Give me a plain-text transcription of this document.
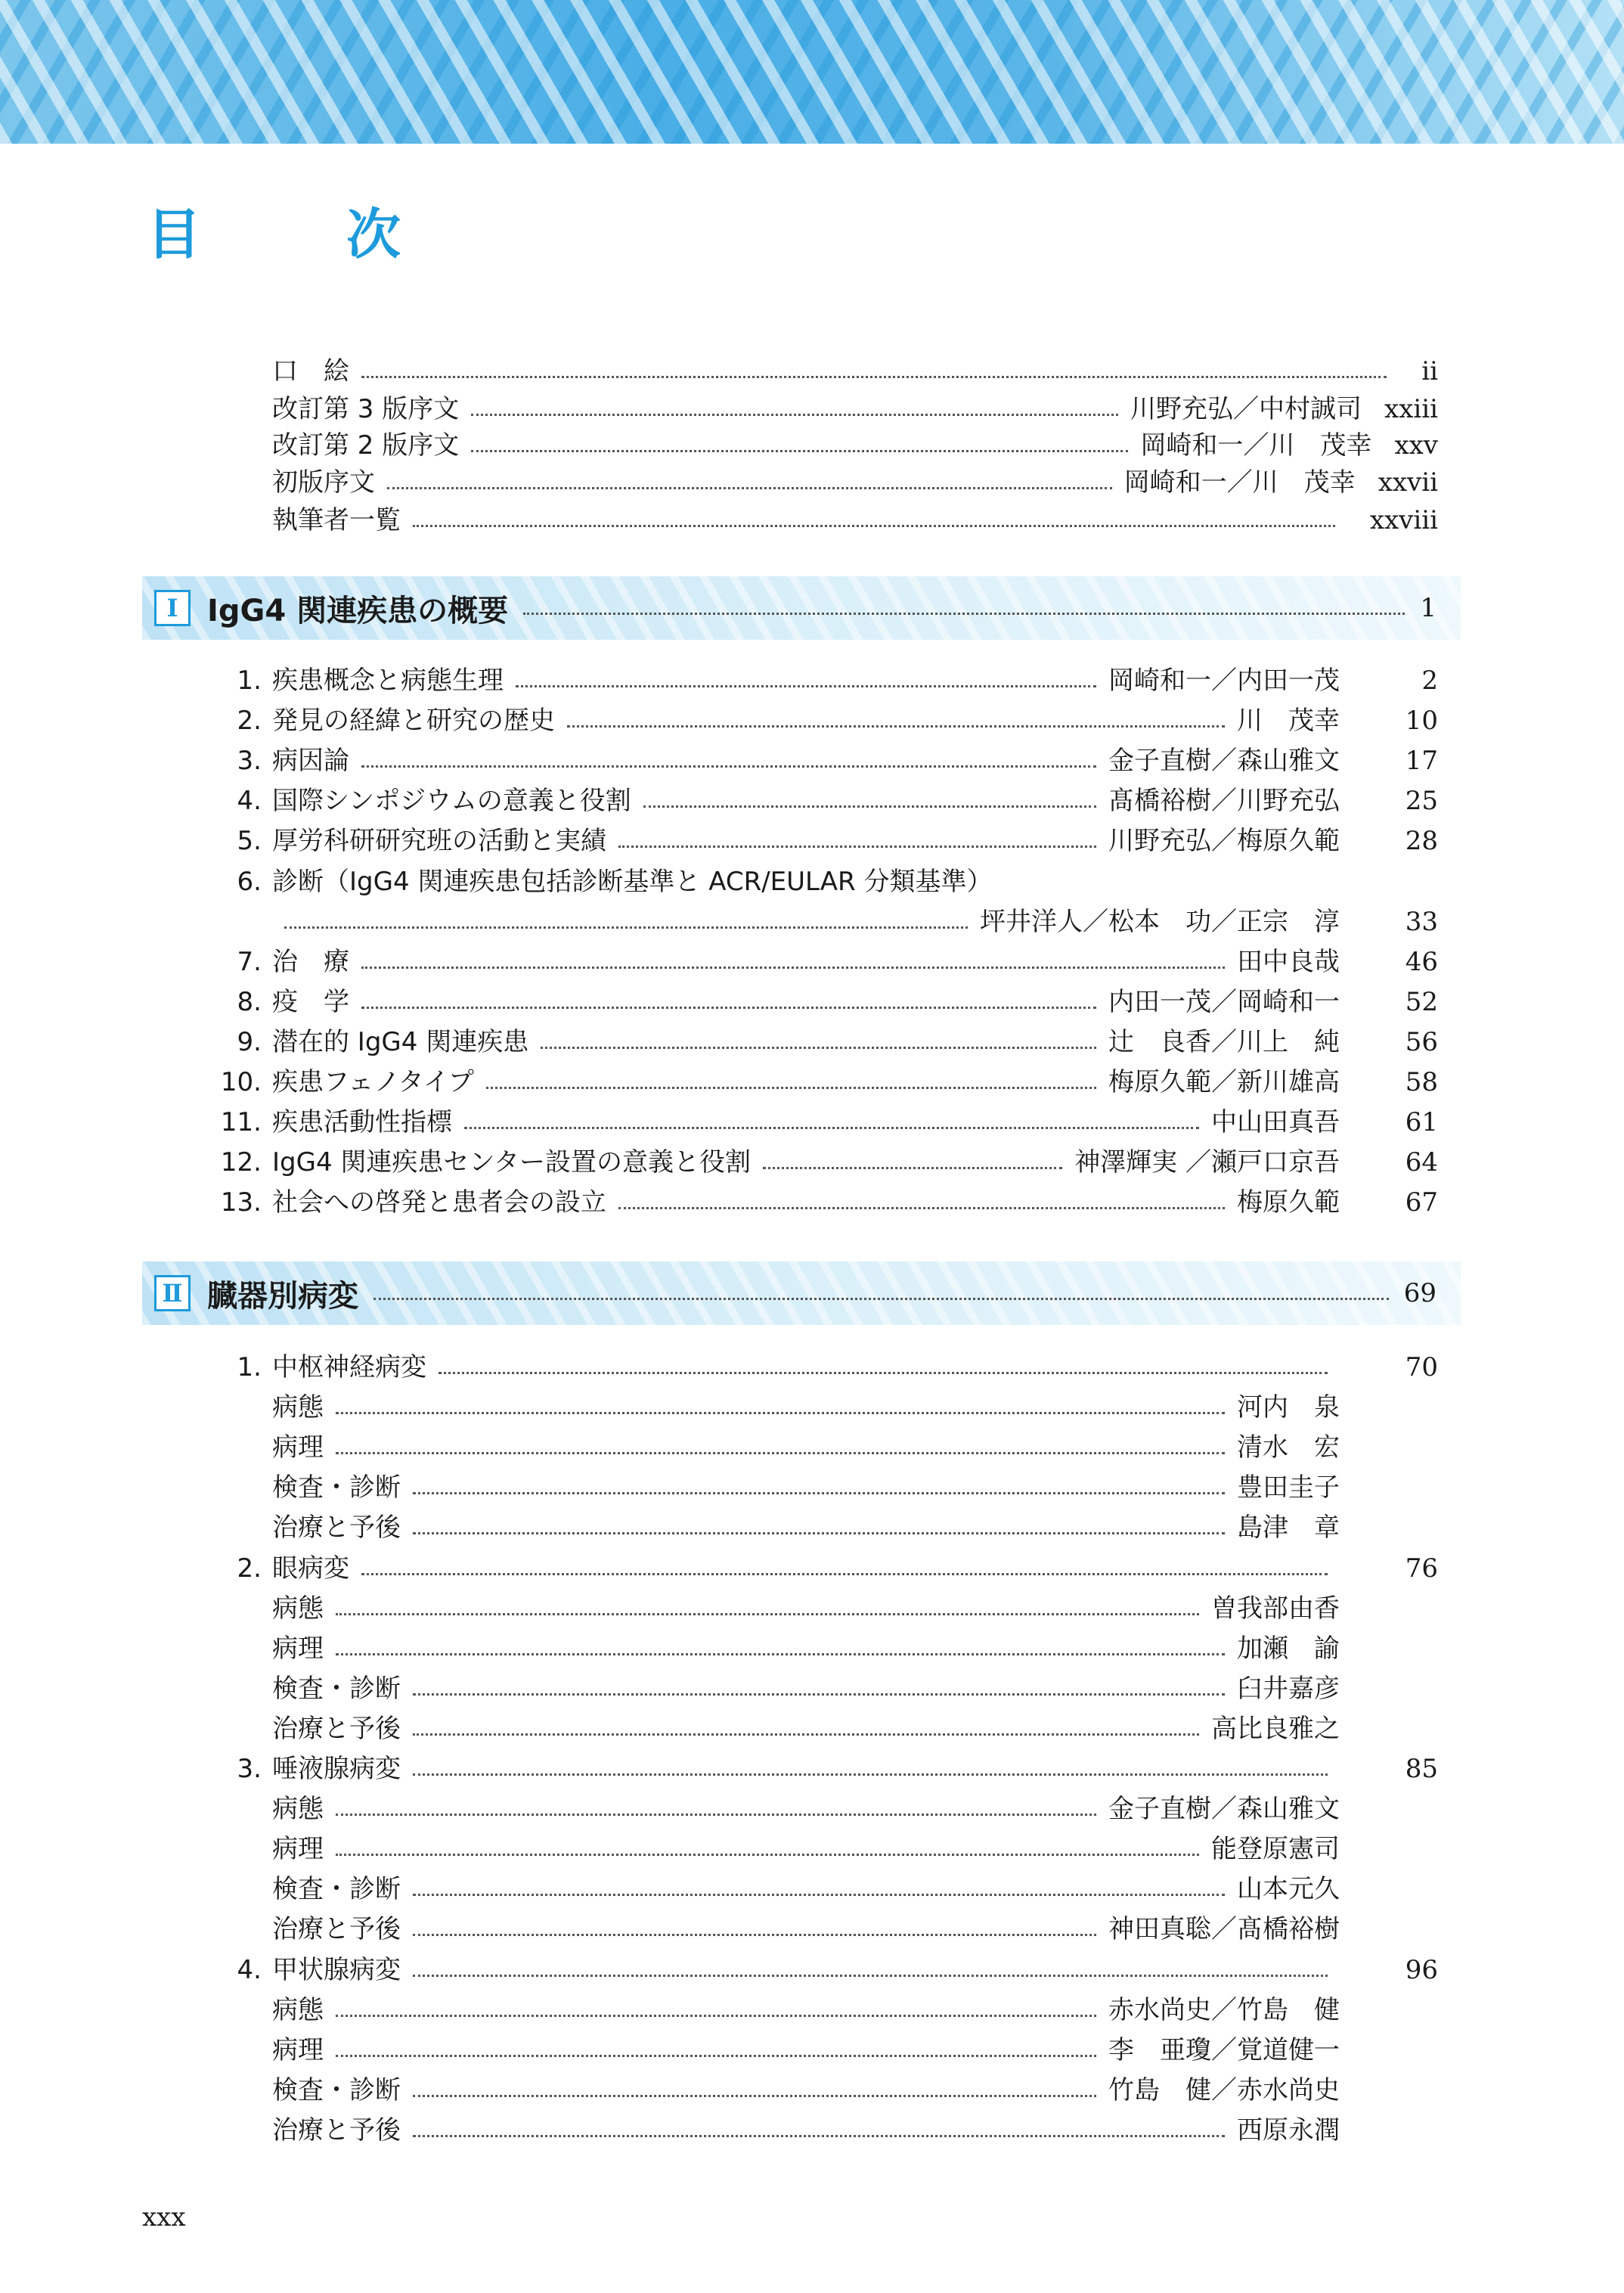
目　次
口　絵	ii
改訂第 3 版序文	川野充弘／中村誠司 xxiii
改訂第 2 版序文	岡崎和一／川　茂幸 xxv
初版序文	岡崎和一／川　茂幸 xxvii
執筆者一覧	xxviii
Ⅰ IgG4 関連疾患の概要	1
1. 疾患概念と病態生理	岡崎和一／内田一茂	2
2. 発見の経緯と研究の歴史	川　茂幸	10
3. 病因論	金子直樹／森山雅文	17
4. 国際シンポジウムの意義と役割	髙橋裕樹／川野充弘	25
5. 厚労科研研究班の活動と実績	川野充弘／梅原久範	28
6. 診断（IgG4 関連疾患包括診断基準と ACR/EULAR 分類基準）
坪井洋人／松本　功／正宗　淳	33
7. 治　療	田中良哉	46
8. 疫　学	内田一茂／岡崎和一	52
9. 潜在的 IgG4 関連疾患	辻　良香／川上　純	56
10. 疾患フェノタイプ	梅原久範／新川雄高	58
11. 疾患活動性指標	中山田真吾	61
12. IgG4 関連疾患センター設置の意義と役割	神澤輝実 ／瀬戸口京吾	64
13. 社会への啓発と患者会の設立	梅原久範	67
Ⅱ 臓器別病変	69
1. 中枢神経病変	70
病態	河内　泉
病理	清水　宏
検査・診断	豊田圭子
治療と予後	島津　章
2. 眼病変	76
病態	曽我部由香
病理	加瀬　諭
検査・診断	臼井嘉彦
治療と予後	高比良雅之
3. 唾液腺病変	85
病態	金子直樹／森山雅文
病理	能登原憲司
検査・診断	山本元久
治療と予後	神田真聡／髙橋裕樹
4. 甲状腺病変	96
病態	赤水尚史／竹島　健
病理	李　亜瓊／覚道健一
検査・診断	竹島　健／赤水尚史
治療と予後	西原永潤
xxx
